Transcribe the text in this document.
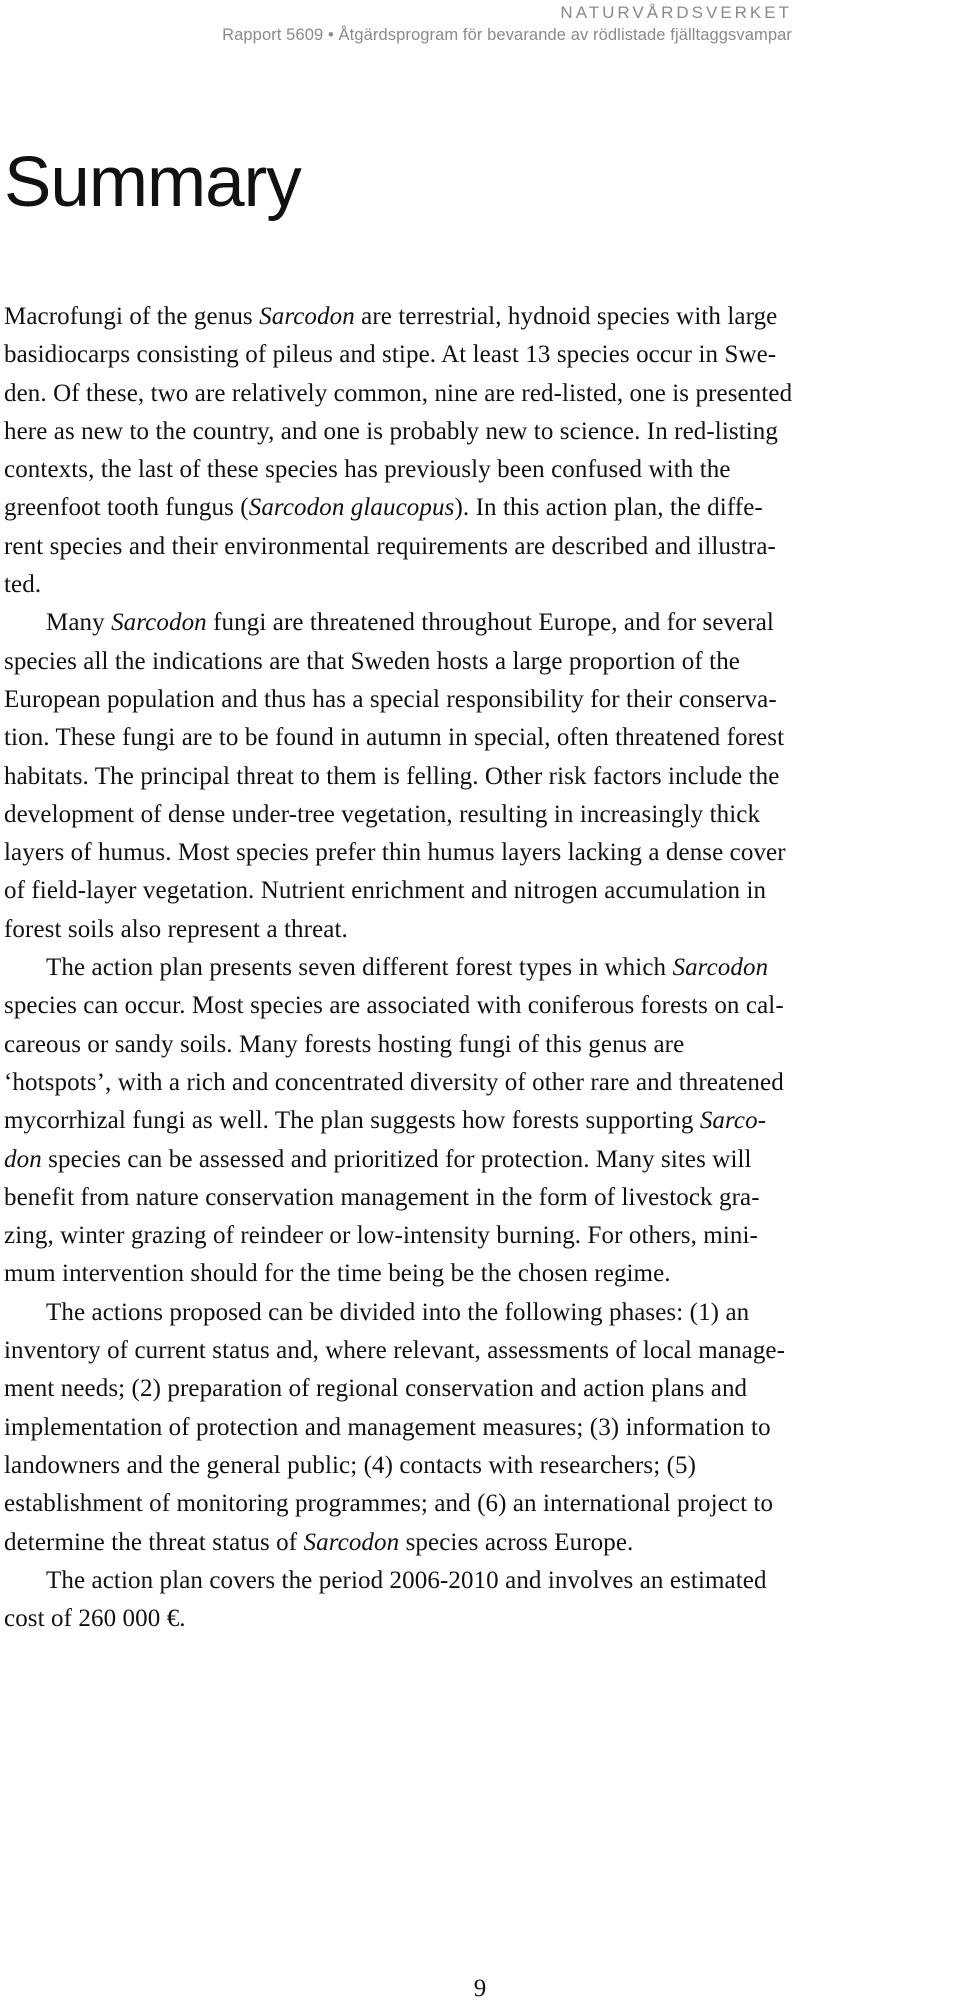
NATURVÅRDSVERKET
Rapport 5609 • Åtgärdsprogram för bevarande av rödlistade fjälltaggsvampar
Summary

Macrofungi of the genus Sarcodon are terrestrial, hydnoid species with large
basidiocarps consisting of pileus and stipe. At least 13 species occur in Swe-
den. Of these, two are relatively common, nine are red-listed, one is presented
here as new to the country, and one is probably new to science. In red-listing
contexts, the last of these species has previously been confused with the
greenfoot tooth fungus (Sarcodon glaucopus). In this action plan, the diffe-
rent species and their environmental requirements are described and illustra-
ted.

Many Sarcodon fungi are threatened throughout Europe, and for several
species all the indications are that Sweden hosts a large proportion of the
European population and thus has a special responsibility for their conserva-
tion. These fungi are to be found in autumn in special, often threatened forest
habitats. The principal threat to them is felling. Other risk factors include the
development of dense under-tree vegetation, resulting in increasingly thick
layers of humus. Most species prefer thin humus layers lacking a dense cover
of field-layer vegetation. Nutrient enrichment and nitrogen accumulation in
forest soils also represent a threat.

The action plan presents seven different forest types in which Sarcodon
species can occur. Most species are associated with coniferous forests on cal-
careous or sandy soils. Many forests hosting fungi of this genus are
‘hotspots’, with a rich and concentrated diversity of other rare and threatened
mycorrhizal fungi as well. The plan suggests how forests supporting Sarco-
don species can be assessed and prioritized for protection. Many sites will
benefit from nature conservation management in the form of livestock gra-
zing, winter grazing of reindeer or low-intensity burning. For others, mini-
mum intervention should for the time being be the chosen regime.

The actions proposed can be divided into the following phases: (1) an
inventory of current status and, where relevant, assessments of local manage-
ment needs; (2) preparation of regional conservation and action plans and
implementation of protection and management measures; (3) information to
landowners and the general public; (4) contacts with researchers; (5)
establishment of monitoring programmes; and (6) an international project to
determine the threat status of Sarcodon species across Europe.

The action plan covers the period 2006-2010 and involves an estimated
cost of 260 000 €.

9
